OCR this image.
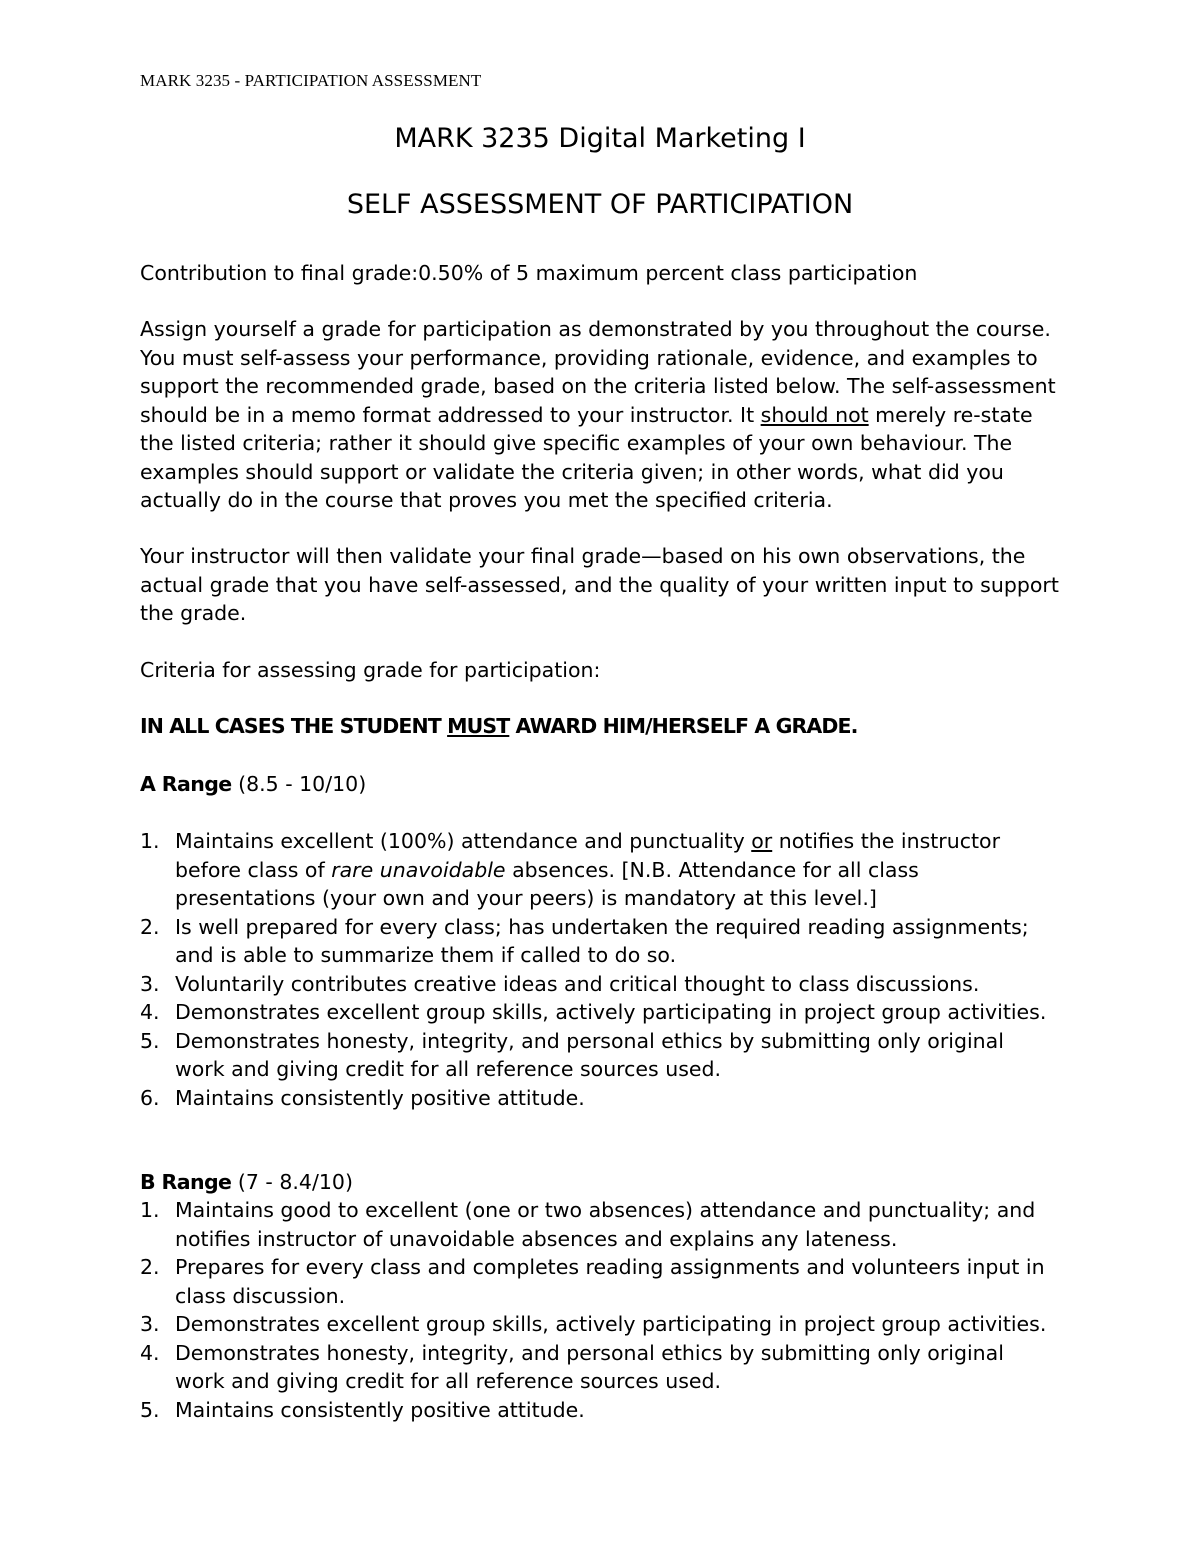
MARK 3235 - PARTICIPATION ASSESSMENT
MARK 3235 Digital Marketing I
SELF ASSESSMENT OF PARTICIPATION

Contribution to final grade:0.50% of 5 maximum percent class participation

Assign yourself a grade for participation as demonstrated by you throughout the course. You must self-assess your performance, providing rationale, evidence, and examples to support the recommended grade, based on the criteria listed below. The self-assessment should be in a memo format addressed to your instructor. It should not merely re-state the listed criteria; rather it should give specific examples of your own behaviour. The examples should support or validate the criteria given; in other words, what did you actually do in the course that proves you met the specified criteria.

Your instructor will then validate your final grade—based on his own observations, the actual grade that you have self-assessed, and the quality of your written input to support the grade.

Criteria for assessing grade for participation:

IN ALL CASES THE STUDENT MUST AWARD HIM/HERSELF A GRADE.

A Range (8.5 - 10/10)

1. Maintains excellent (100%) attendance and punctuality or notifies the instructor before class of rare unavoidable absences. [N.B. Attendance for all class presentations (your own and your peers) is mandatory at this level.]
2. Is well prepared for every class; has undertaken the required reading assignments; and is able to summarize them if called to do so.
3. Voluntarily contributes creative ideas and critical thought to class discussions.
4. Demonstrates excellent group skills, actively participating in project group activities.
5. Demonstrates honesty, integrity, and personal ethics by submitting only original work and giving credit for all reference sources used.
6. Maintains consistently positive attitude.

B Range (7 - 8.4/10)

1. Maintains good to excellent (one or two absences) attendance and punctuality; and notifies instructor of unavoidable absences and explains any lateness.
2. Prepares for every class and completes reading assignments and volunteers input in class discussion.
3. Demonstrates excellent group skills, actively participating in project group activities.
4. Demonstrates honesty, integrity, and personal ethics by submitting only original work and giving credit for all reference sources used.
5. Maintains consistently positive attitude.
